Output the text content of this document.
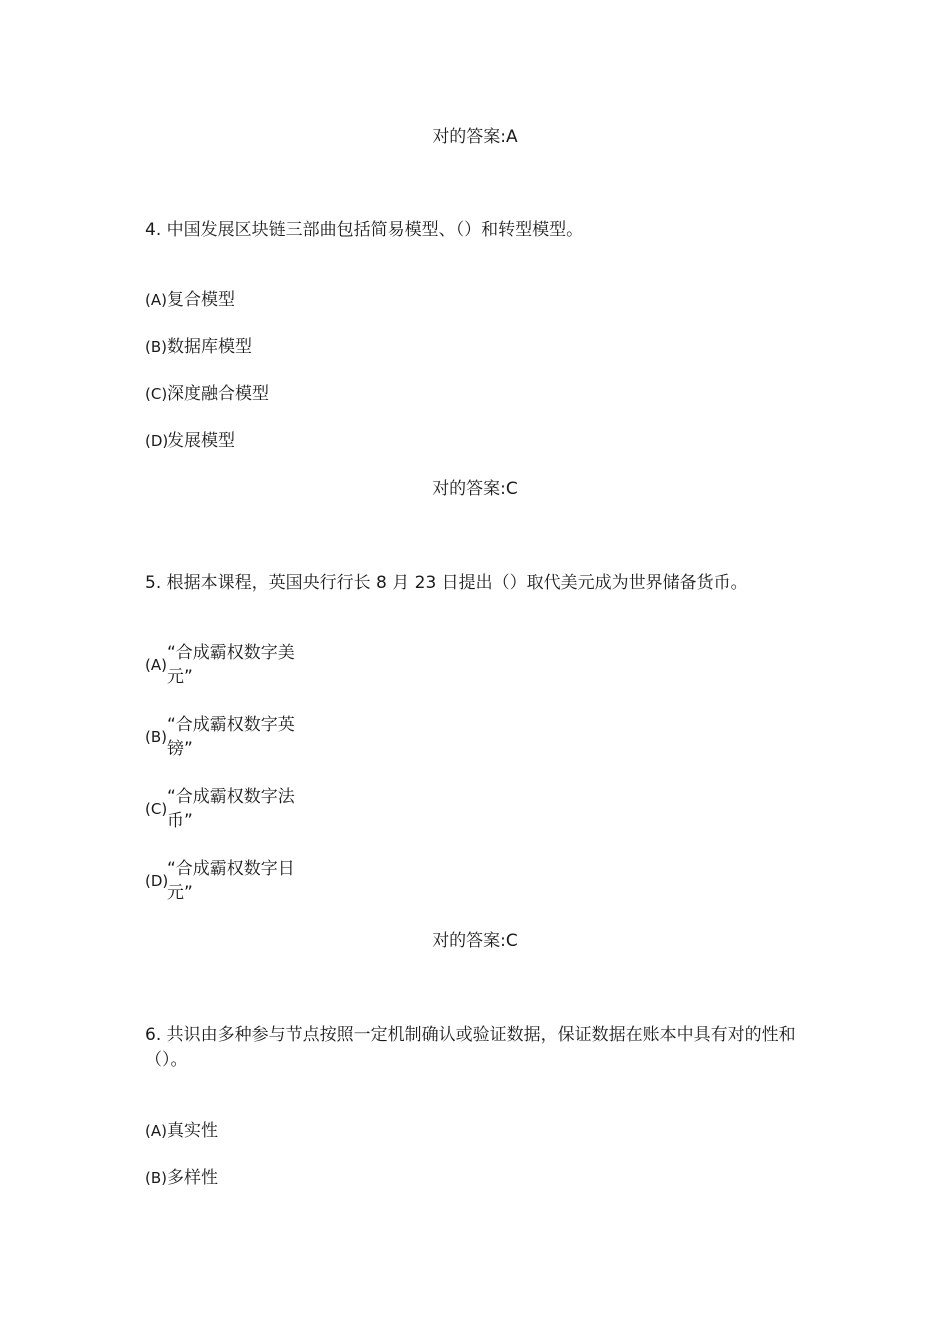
对的答案:A
4. 中国发展区块链三部曲包括简易模型、（）和转型模型。
(A) 复合模型
(B) 数据库模型
(C) 深度融合模型
(D)
发展模型
对的答案:C
5. 根据本课程，英国央行行长 8 月 23 日提出（）取代美元成为世界储备货币。
(A)
“合成霸权数字美元”
(B)
“合成霸权数字英镑”
(C)
“合成霸权数字法币”
(D)
“合成霸权数字日元”
对的答案:C
6. 共识由多种参与节点按照一定机制确认或验证数据，保证数据在账本中具有对的性和（）。
(A) 真实性
(B) 多样性
